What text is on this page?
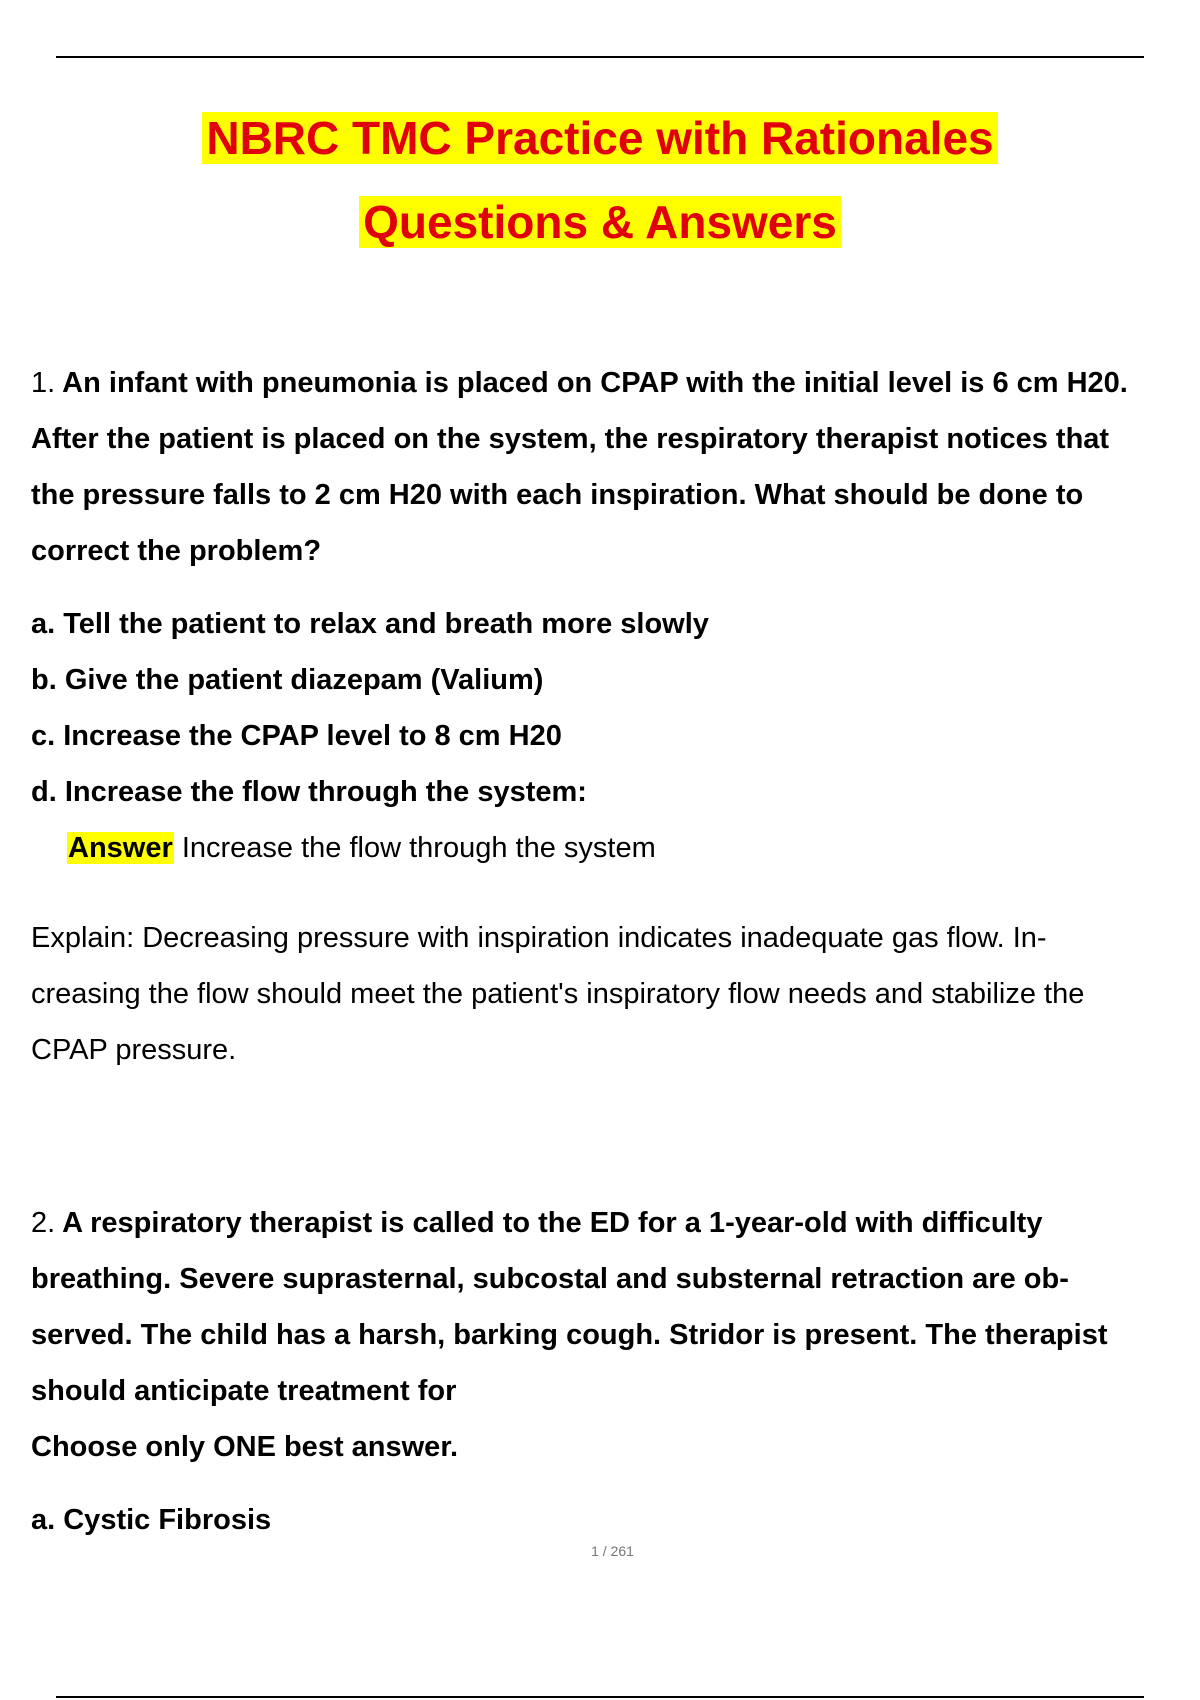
NBRC TMC Practice with Rationales
Questions & Answers
1. An infant with pneumonia is placed on CPAP with the initial level is 6 cm H20.
After the patient is placed on the system, the respiratory therapist notices that
the pressure falls to 2 cm H20 with each inspiration. What should be done to
correct the problem?
a. Tell the patient to relax and breath more slowly
b. Give the patient diazepam (Valium)
c. Increase the CPAP level to 8 cm H20
d. Increase the flow through the system:
Answer Increase the flow through the system
Explain: Decreasing pressure with inspiration indicates inadequate gas flow. In-
creasing the flow should meet the patient's inspiratory flow needs and stabilize the
CPAP pressure.
2. A respiratory therapist is called to the ED for a 1-year-old with difficulty
breathing. Severe suprasternal, subcostal and substernal retraction are ob-
served. The child has a harsh, barking cough. Stridor is present. The therapist
should anticipate treatment for
Choose only ONE best answer.
a. Cystic Fibrosis
1 / 261
